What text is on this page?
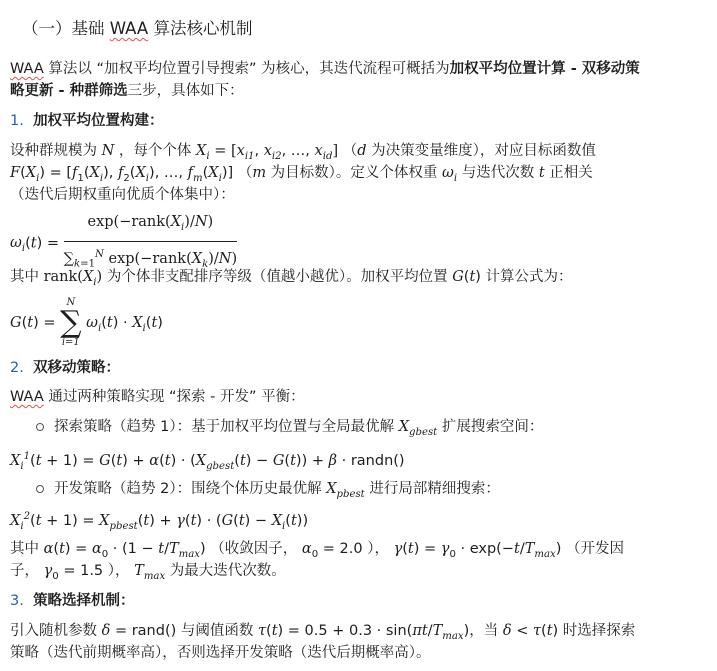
（一）基础 WAA 算法核心机制
WAA 算法以 “加权平均位置引导搜索” 为核心，其迭代流程可概括为加权平均位置计算 - 双移动策
略更新 - 种群筛选三步，具体如下：
1. 加权平均位置构建：
设种群规模为 N ，每个个体 $X_i = [x_{i1}$, $x_{i2}$, …, $x_{id}$] （d 为决策变量维度），对应目标函数值
$F(X_i) = [f_1(X_i)$, $f_2(X_i)$, …, $f_m(X_i)$] （m 为目标数）。定义个体权重 $\omega_i$ 与迭代次数 t 正相关
（迭代后期权重向优质个体集中）：
$\omega_i(t) = \frac{\exp(-rank(X_i)/N)}{\sum_{k=1}^N \exp(-rank(X_k)/N)}$
其中 $rank(X_i)$ 为个体非支配排序等级（值越小越优）。加权平均位置 G(t) 计算公式为：
G(t) =
N
∑
i=1
$\omega_i(t) \cdot X_i(t)$
2. 双移动策略：
WAA 通过两种策略实现 “探索 - 开发” 平衡：
探索策略（趋势 1）：基于加权平均位置与全局最优解 $X_{gbest}$ 扩展搜索空间：
$X_i^1(t + 1) = G(t) + \alpha(t) \cdot (X_{gbest}(t) - G(t)) + \beta$ · randn()
开发策略（趋势 2）：围绕个体历史最优解 $X_{pbest}$ 进行局部精细搜索：
$X_i^2(t + 1) = X_{pbest}(t) + \gamma(t) \cdot (G(t) - X_i(t))$
其中 $\alpha(t) = \alpha_0 \cdot (1 - t/T_{max})$ （收敛因子， $\alpha_0 = 2.0$ ）， $\gamma(t) = \gamma_0 \cdot \exp(-t/T_{max})$ （开发因
子， $\gamma_0 = 1.5$ ）， $T_{max}$ 为最大迭代次数。
3. 策略选择机制：
引入随机参数 δ = rand() 与阈值函数 $\tau(t) = 0.5 + 0.3 \cdot \sin(\pi t/T_{max})$，当 δ < τ(t) 时选择探索
策略（迭代前期概率高），否则选择开发策略（迭代后期概率高）。
